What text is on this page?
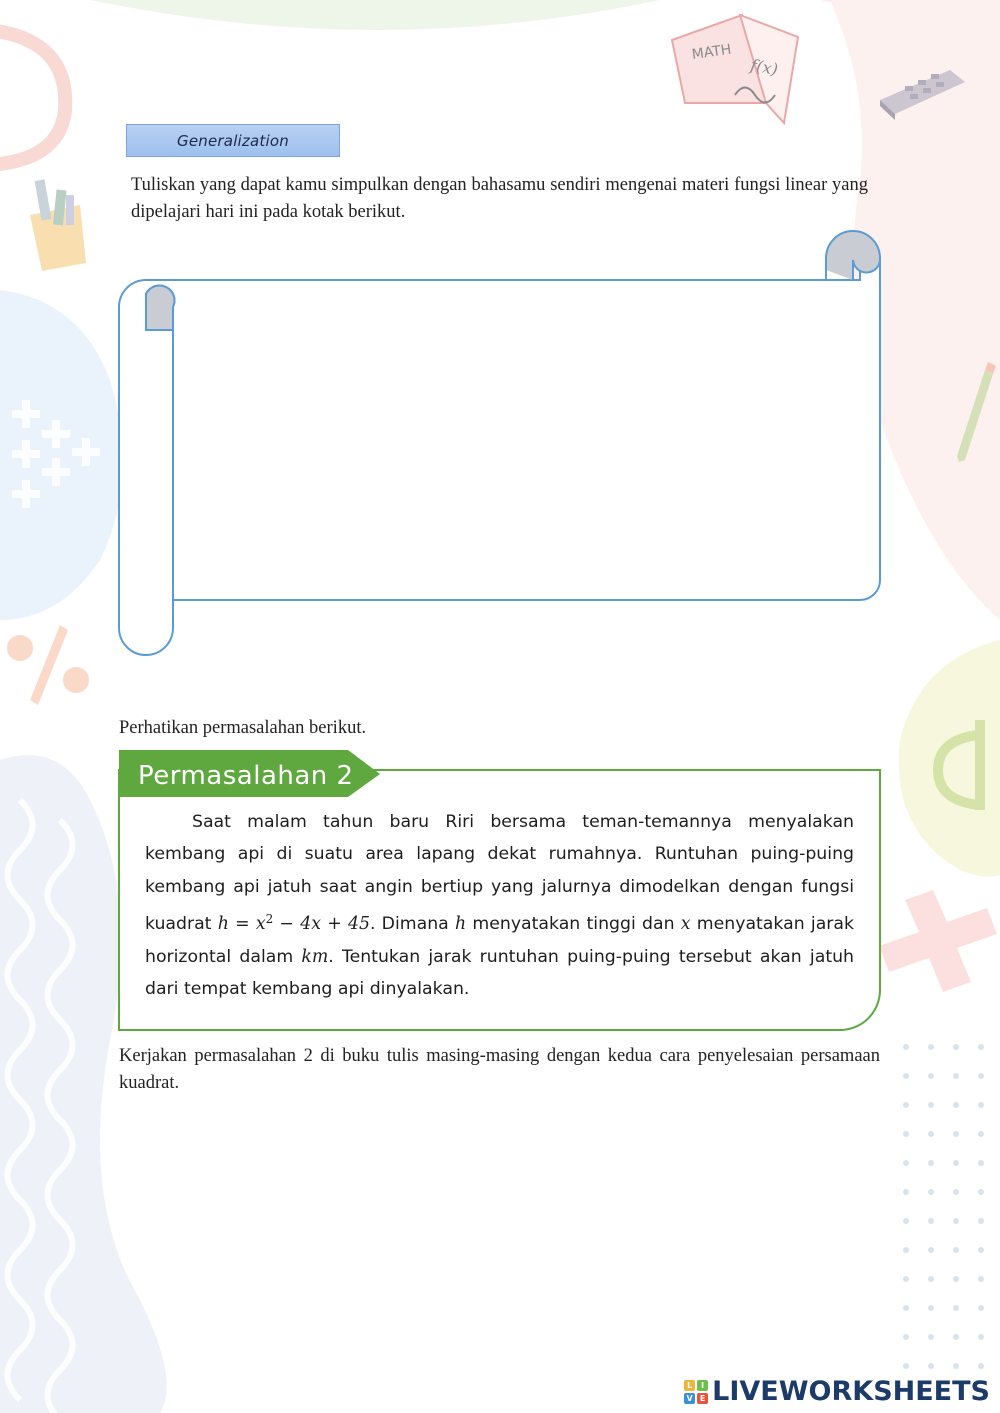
MATH
f(x)
Generalization

Tuliskan yang dapat kamu simpulkan dengan bahasamu sendiri mengenai materi fungsi linear yang dipelajari hari ini pada kotak berikut.

Perhatikan permasalahan berikut.

Permasalahan 2
Saat malam tahun baru Riri bersama teman-temannya menyalakan kembang api di suatu area lapang dekat rumahnya. Runtuhan puing-puing kembang api jatuh saat angin bertiup yang jalurnya dimodelkan dengan fungsi kuadrat $h = x^2 - 4x + 45$. Dimana h menyatakan tinggi dan x menyatakan jarak horizontal dalam km. Tentukan jarak runtuhan puing-puing tersebut akan jatuh dari tempat kembang api dinyalakan.

Kerjakan permasalahan 2 di buku tulis masing-masing dengan kedua cara penyelesaian persamaan kuadrat.

L	I
V E LIVEWORKSHEETS
